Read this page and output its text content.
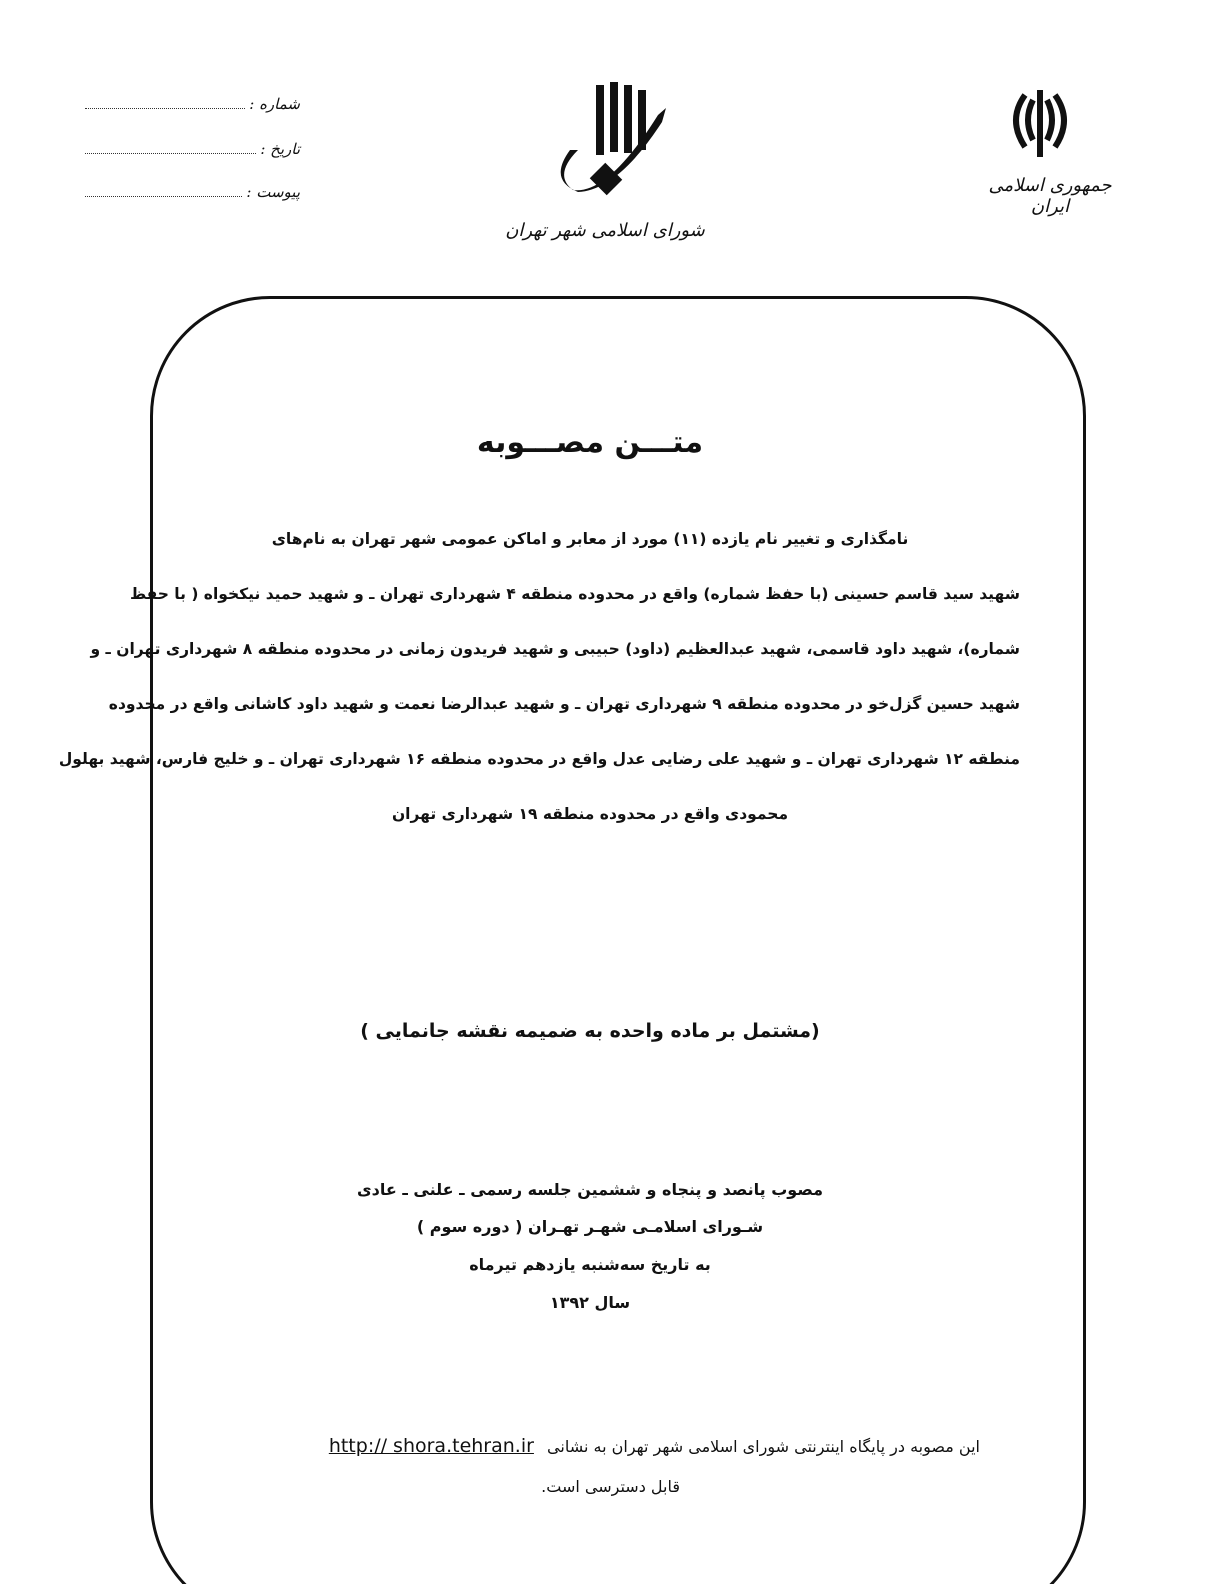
شماره :
تاریخ :
پیوست :
شورای اسلامی شهر تهران
جمهوری اسلامی ایران
متـــن مصـــوبه
نامگذاری و تغییر نام یازده (۱۱) مورد از معابر و اماکن عمومی شهر تهران به نام‌های
شهید سید قاسم حسینی (با حفظ شماره) واقع در محدوده منطقه ۴ شهرداری تهران ـ و شهید حمید نیکخواه ( با حفظ
شماره)، شهید داود قاسمی، شهید عبدالعظیم (داود) حبیبی و شهید فریدون زمانی در محدوده منطقه ۸ شهرداری تهران ـ و
شهید حسین گزل‌خو در محدوده منطقه ۹ شهرداری تهران ـ و شهید عبدالرضا نعمت و شهید داود کاشانی واقع در محدوده
منطقه ۱۲ شهرداری تهران ـ و شهید علی رضایی عدل واقع در محدوده منطقه ۱۶ شهرداری تهران ـ و خلیج فارس، شهید بهلول
محمودی واقع در محدوده منطقه ۱۹ شهرداری تهران
(مشتمل بر ماده واحده به ضمیمه نقشه جانمایی )
مصوب پانصد و پنجاه و ششمین جلسه رسمی ـ علنی ـ عادی
شـورای اسلامـی شهـر تهـران ( دوره سوم )
به تاریخ سه‌شنبه یازدهم تیرماه
سال ۱۳۹۲
این مصوبه در پایگاه اینترنتی شورای اسلامی شهر تهران به نشانی http:// shora.tehran.ir
قابل دسترسی است.
